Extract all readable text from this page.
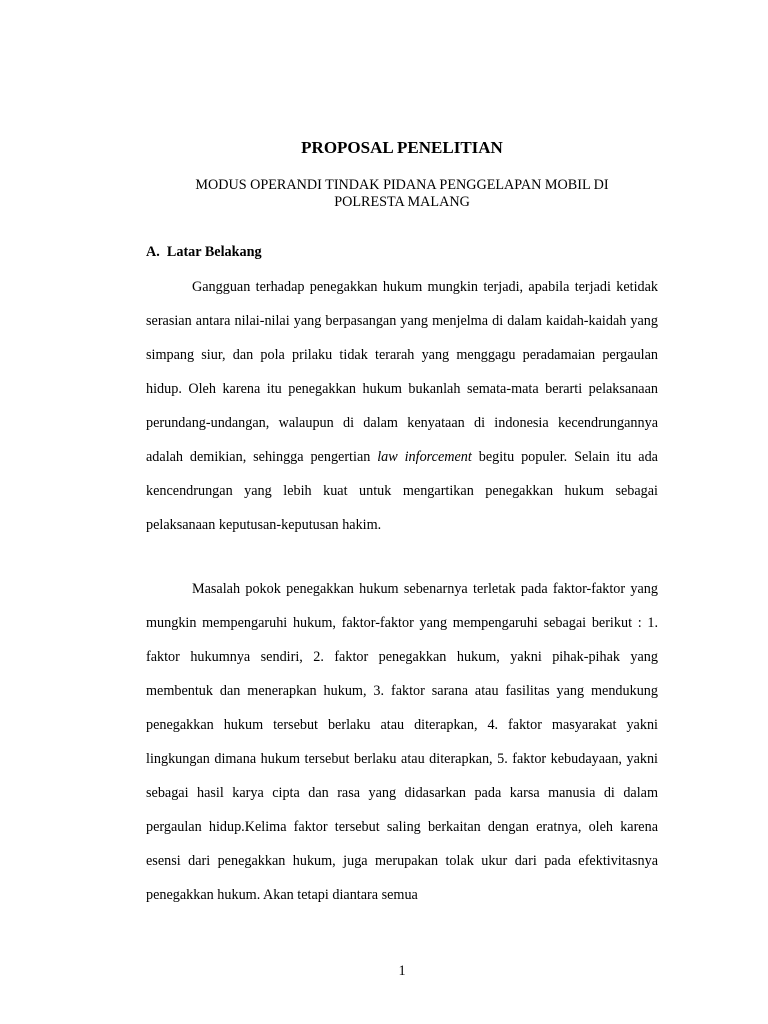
PROPOSAL PENELITIAN
MODUS OPERANDI TINDAK PIDANA PENGGELAPAN MOBIL DI
POLRESTA MALANG
A.  Latar Belakang

Gangguan terhadap penegakkan hukum mungkin terjadi, apabila terjadi ketidak serasian antara nilai-nilai yang berpasangan yang menjelma di dalam kaidah-kaidah yang simpang siur, dan pola prilaku tidak terarah yang menggagu peradamaian pergaulan hidup. Oleh karena itu penegakkan hukum bukanlah semata-mata berarti pelaksanaan perundang-undangan, walaupun di dalam kenyataan di indonesia kecendrungannya adalah demikian, sehingga pengertian law inforcement begitu populer. Selain itu ada kencendrungan yang lebih kuat untuk mengartikan penegakkan hukum sebagai pelaksanaan keputusan-keputusan hakim.

Masalah pokok penegakkan hukum sebenarnya terletak pada faktor-faktor yang mungkin mempengaruhi hukum, faktor-faktor yang mempengaruhi sebagai berikut : 1. faktor hukumnya sendiri, 2. faktor penegakkan hukum, yakni pihak-pihak yang membentuk dan menerapkan hukum, 3. faktor sarana atau fasilitas yang mendukung penegakkan hukum tersebut berlaku atau diterapkan, 4. faktor masyarakat yakni lingkungan dimana hukum tersebut berlaku atau diterapkan, 5. faktor kebudayaan, yakni sebagai hasil karya cipta dan rasa yang didasarkan pada karsa manusia di dalam pergaulan hidup.Kelima faktor tersebut saling berkaitan dengan eratnya, oleh karena esensi dari penegakkan hukum, juga merupakan tolak ukur dari pada efektivitasnya penegakkan hukum. Akan tetapi diantara semua

1
